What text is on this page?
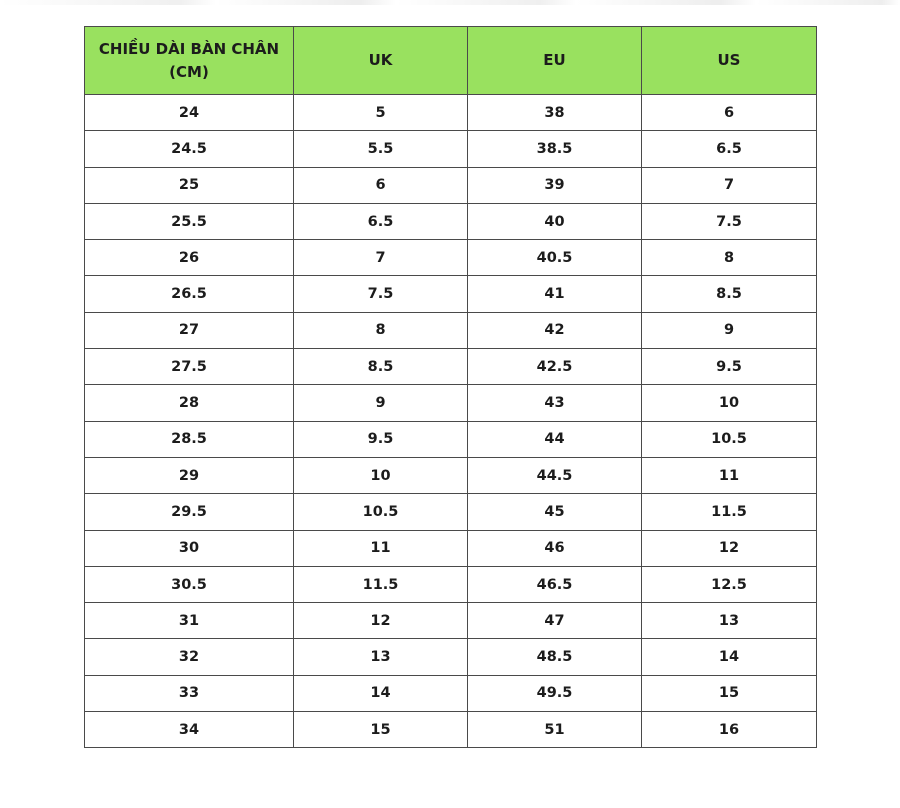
CHIỀU DÀI BÀN CHÂN (CM)	UK	EU	US
24	5	38	6
24.5	5.5	38.5	6.5
25	6	39	7
25.5	6.5	40	7.5
26	7	40.5	8
26.5	7.5	41	8.5
27	8	42	9
27.5	8.5	42.5	9.5
28	9	43	10
28.5	9.5	44	10.5
29	10	44.5	11
29.5	10.5	45	11.5
30	11	46	12
30.5	11.5	46.5	12.5
31	12	47	13
32	13	48.5	14
33	14	49.5	15
34	15	51	16
